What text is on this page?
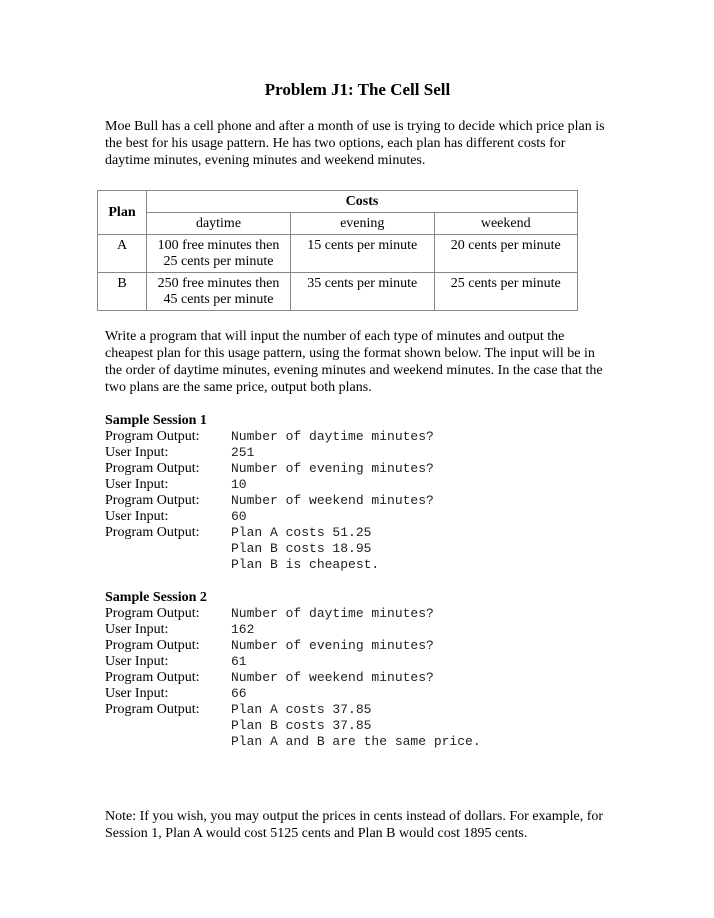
Problem J1: The Cell Sell

Moe Bull has a cell phone and after a month of use is trying to decide which price plan is the best for his usage pattern. He has two options, each plan has different costs for daytime minutes, evening minutes and weekend minutes.

Plan	Costs		
	daytime	evening	weekend
A	100 free minutes then 25 cents per minute	15 cents per minute	20 cents per minute
B	250 free minutes then 45 cents per minute	35 cents per minute	25 cents per minute

Write a program that will input the number of each type of minutes and output the cheapest plan for this usage pattern, using the format shown below. The input will be in the order of daytime minutes, evening minutes and weekend minutes. In the case that the two plans are the same price, output both plans.

Sample Session 1
Program Output:	Number of daytime minutes?
User Input:	251
Program Output:	Number of evening minutes?
User Input:	10
Program Output:	Number of weekend minutes?
User Input:	60
Program Output:	Plan A costs 51.25
Plan B costs 18.95
Plan B is cheapest.
Sample Session 2
Program Output:	Number of daytime minutes?
User Input:	162
Program Output:	Number of evening minutes?
User Input:	61
Program Output:	Number of weekend minutes?
User Input:	66
Program Output:	Plan A costs 37.85
Plan B costs 37.85
Plan A and B are the same price.

Note: If you wish, you may output the prices in cents instead of dollars. For example, for Session 1, Plan A would cost 5125 cents and Plan B would cost 1895 cents.
